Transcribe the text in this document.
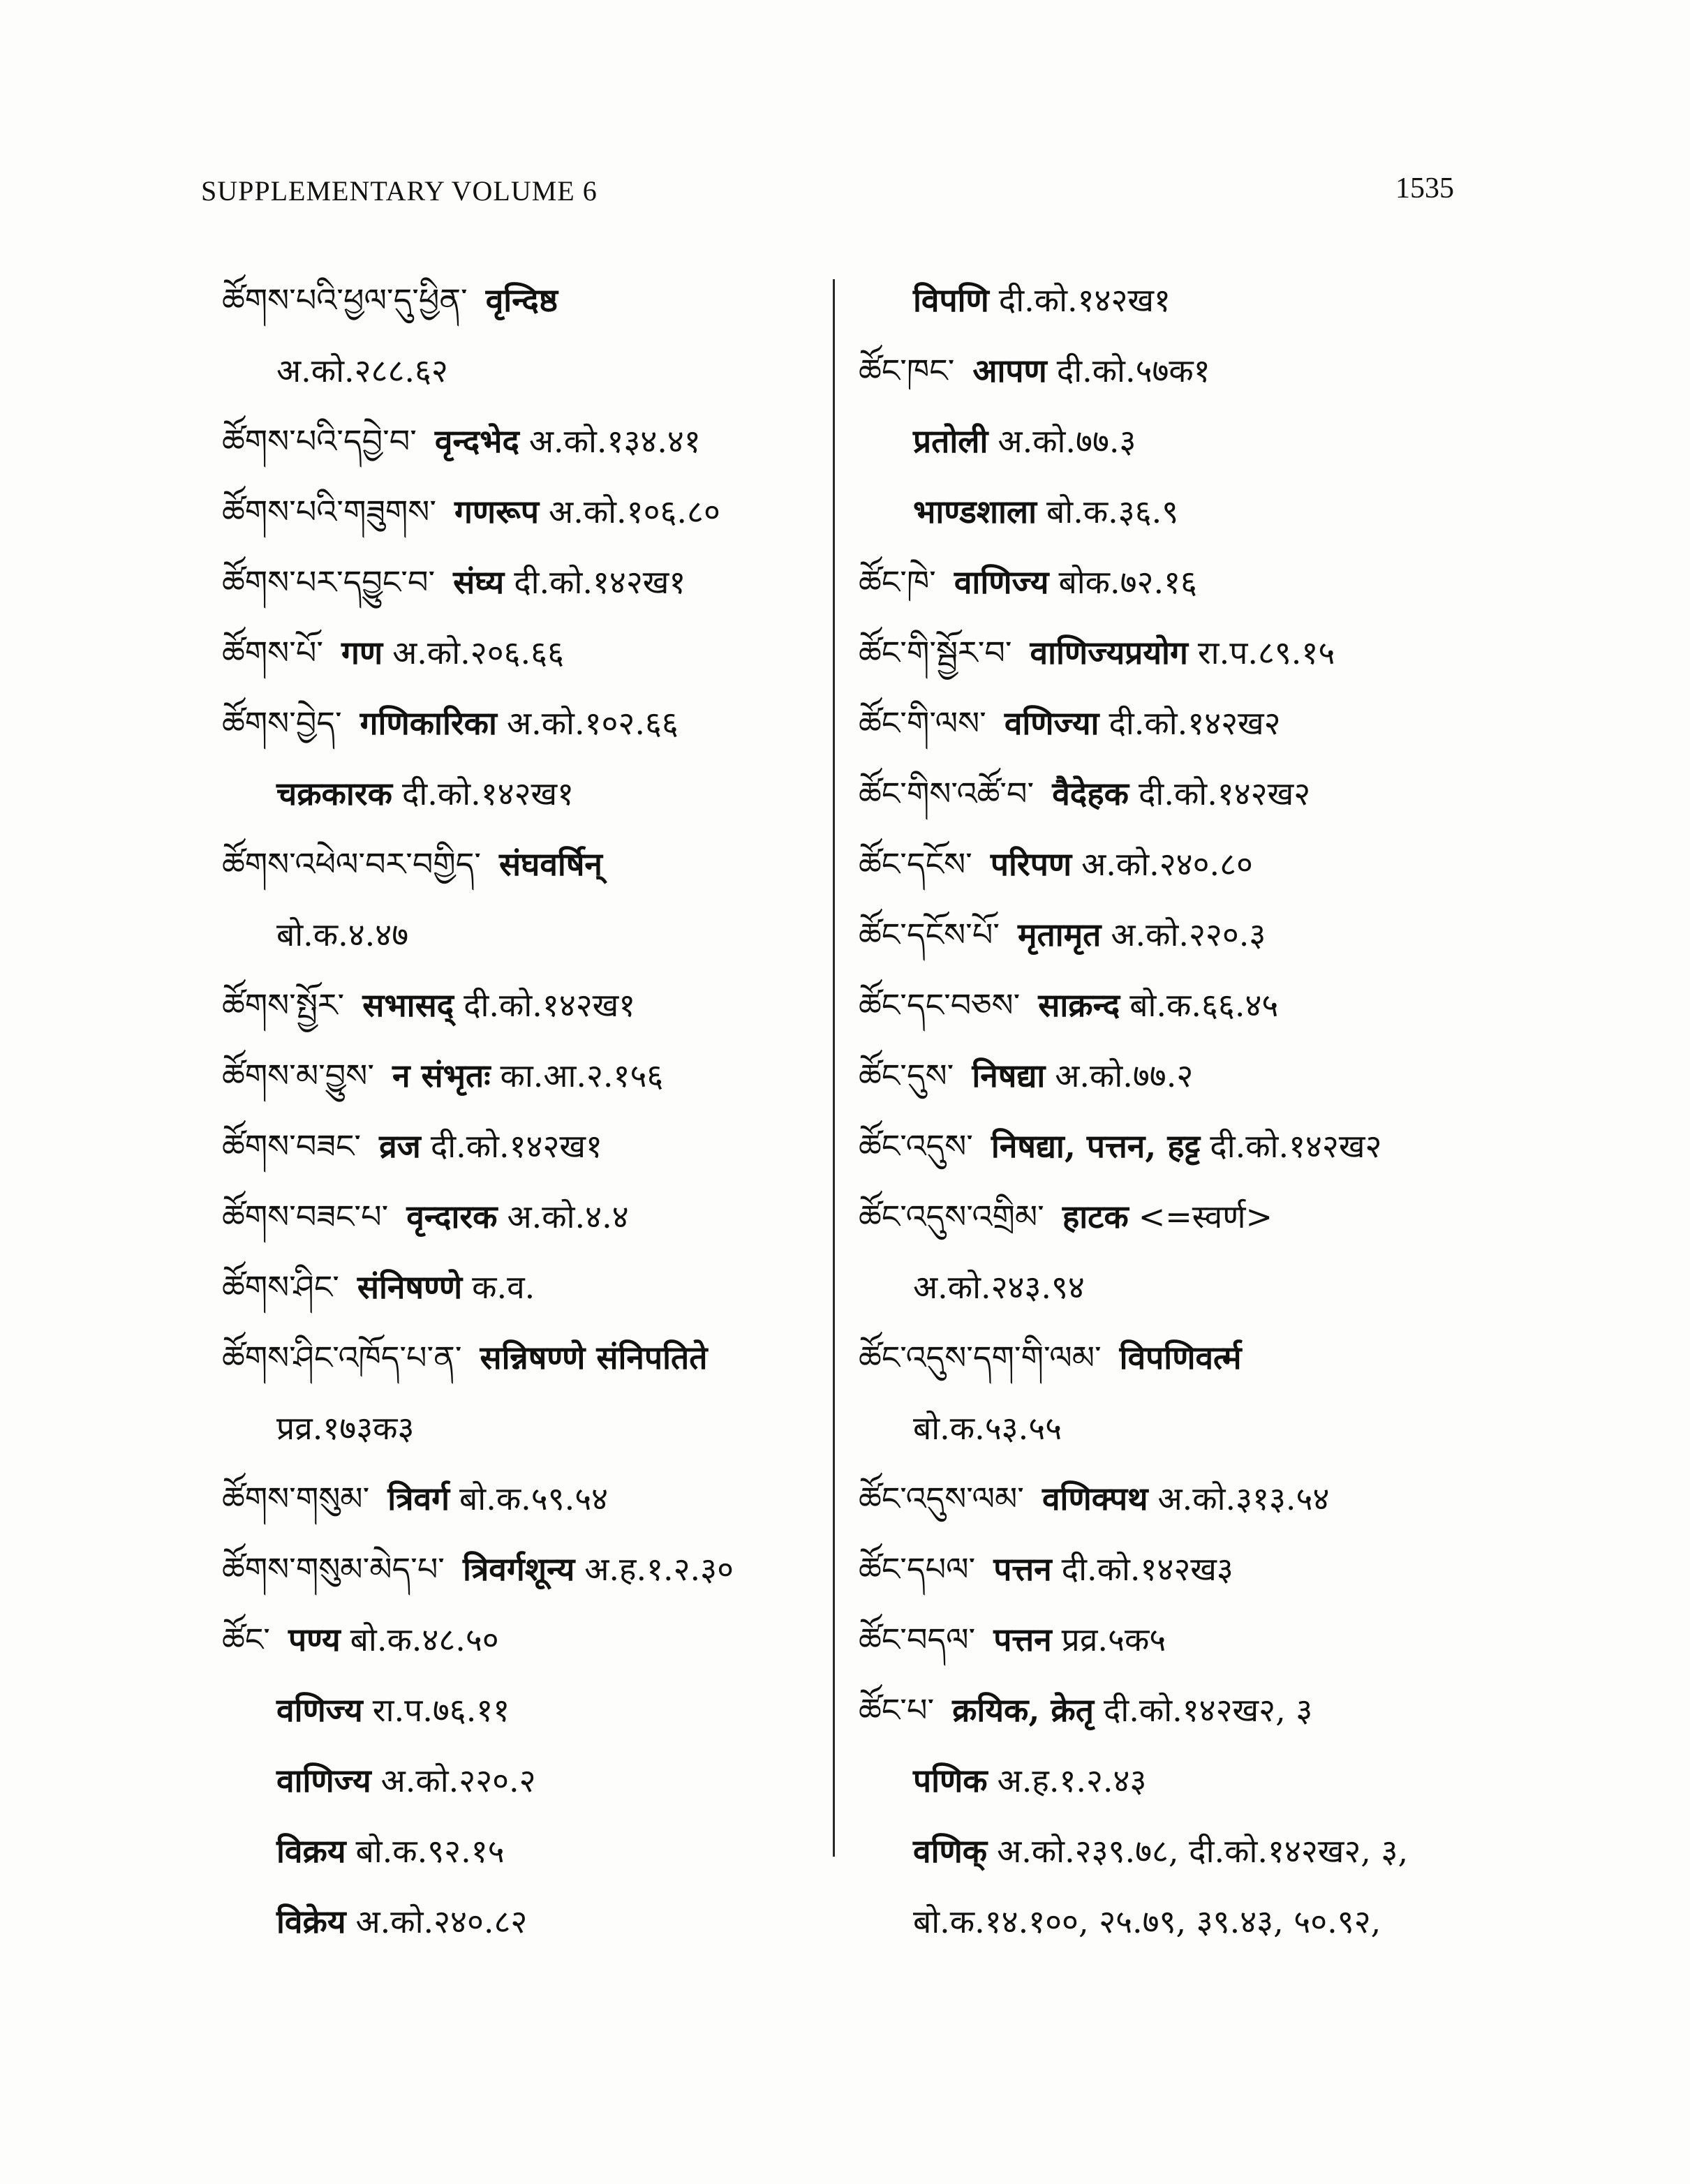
SUPPLEMENTARY VOLUME 6	1535
ཚོགས་པའི་ཕྱལ་དུ་ཕྱིན་ वृन्दिष्ठ
अ.को.२८८.६२
ཚོགས་པའི་དབྱེ་བ་ वृन्दभेद अ.को.१३४.४१
ཚོགས་པའི་གཟུགས་ गणरूप अ.को.१०६.८०
ཚོགས་པར་དབྱུང་བ་ संघ्य दी.को.१४२ख१
ཚོགས་པོ་ गण अ.को.२०६.६६
ཚོགས་བྱེད་ गणिकारिका अ.को.१०२.६६
चक्रकारक दी.को.१४२ख१
ཚོགས་འཕེལ་བར་བགྱིད་ संघवर्षिन्
बो.क.४.४७
ཚོགས་སྤྱོར་ सभासद् दी.को.१४२ख१
ཚོགས་མ་བྱུས་ न संभृतः का.आ.२.१५६
ཚོགས་བཟང་ व्रज दी.को.१४२ख१
ཚོགས་བཟང་པ་ वृन्दारक अ.को.४.४
ཚོགས་ཤིང་ संनिषण्णे क.व.
ཚོགས་ཤིང་འཁོད་པ་ན་ सन्निषण्णे संनिपतिते
प्रव्र.१७३क३
ཚོགས་གསུམ་ त्रिवर्ग बो.क.५९.५४
ཚོགས་གསུམ་མེད་པ་ त्रिवर्गशून्य अ.ह.१.२.३०
ཚོང་ पण्य बो.क.४८.५०
वणिज्य रा.प.७६.११
वाणिज्य अ.को.२२०.२
विक्रय बो.क.९२.१५
विक्रेय अ.को.२४०.८२
विपणि दी.को.१४२ख१
ཚོང་ཁང་ आपण दी.को.५७क१
प्रतोली अ.को.७७.३
भाण्डशाला बो.क.३६.९
ཚོང་ཁེ་ वाणिज्य बोक.७२.१६
ཚོང་གི་སྦྱོར་བ་ वाणिज्यप्रयोग रा.प.८९.१५
ཚོང་གི་ལས་ वणिज्या दी.को.१४२ख२
ཚོང་གིས་འཚོ་བ་ वैदेहक दी.को.१४२ख२
ཚོང་དངོས་ परिपण अ.को.२४०.८०
ཚོང་དངོས་པོ་ मृतामृत अ.को.२२०.३
ཚོང་དང་བཅས་ साक्रन्द बो.क.६६.४५
ཚོང་དུས་ निषद्या अ.को.७७.२
ཚོང་འདུས་ निषद्या, पत्तन, हट्ट दी.को.१४२ख२
ཚོང་འདུས་འགྲིམ་ हाटक <=स्वर्ण>
अ.को.२४३.९४
ཚོང་འདུས་དག་གི་ལམ་ विपणिवर्त्म
बो.क.५३.५५
ཚོང་འདུས་ལམ་ वणिक्पथ अ.को.३१३.५४
ཚོང་དཔལ་ पत्तन दी.को.१४२ख३
ཚོང་བདལ་ पत्तन प्रव्र.५क५
ཚོང་པ་ क्रयिक, क्रेतृ दी.को.१४२ख२, ३
पणिक अ.ह.१.२.४३
वणिक् अ.को.२३९.७८, दी.को.१४२ख२, ३,
बो.क.१४.१००, २५.७९, ३९.४३, ५०.९२,
